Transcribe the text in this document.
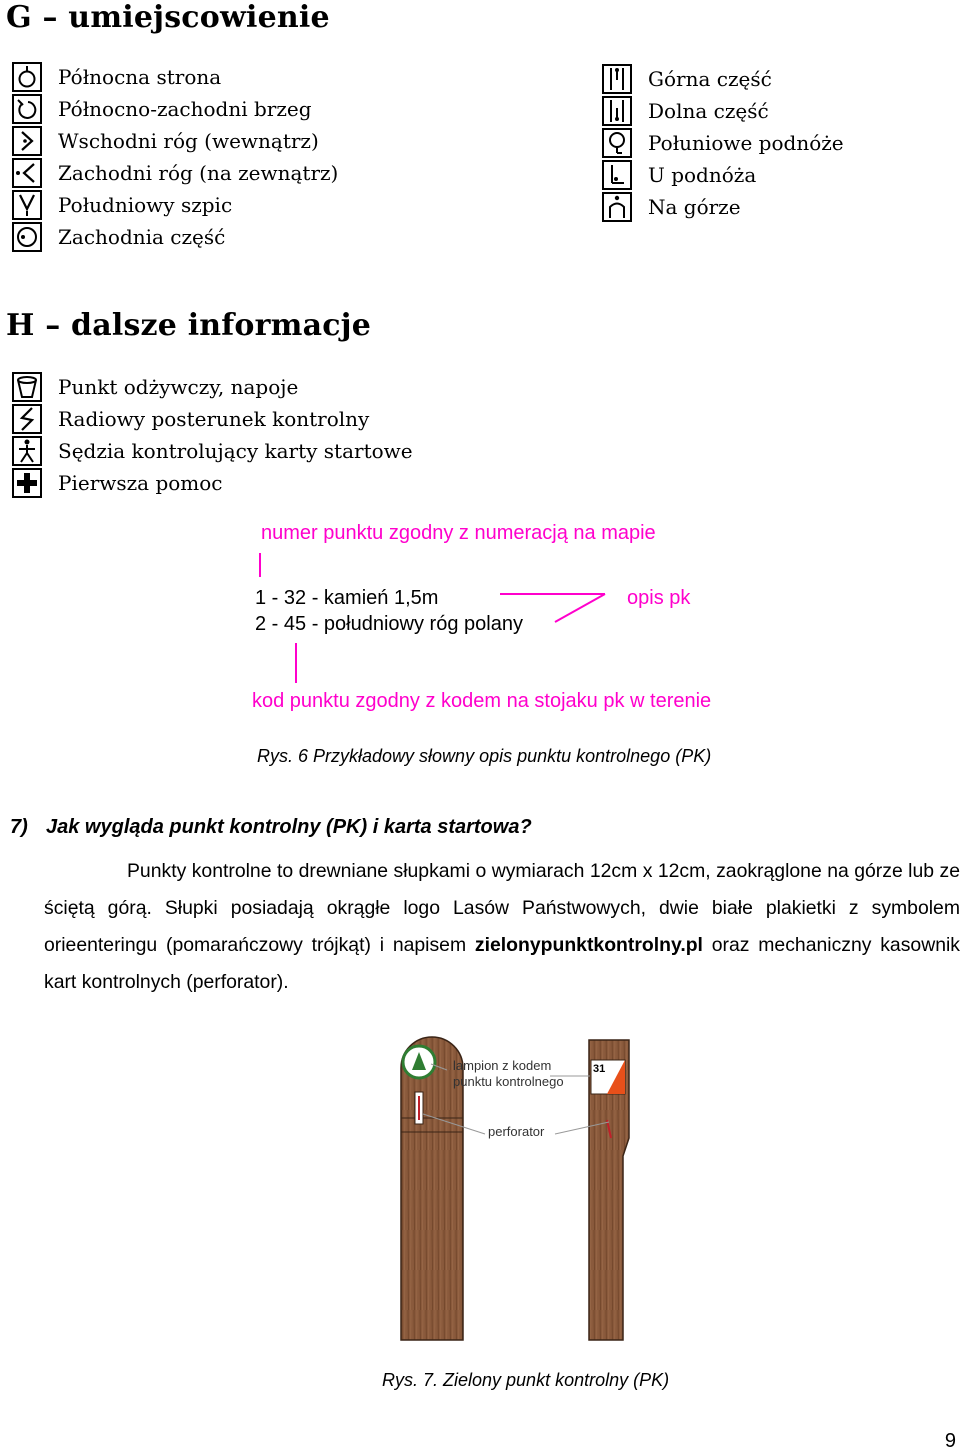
G – umiejscowienie
Północna strona
Północno-zachodni brzeg
Wschodni róg (wewnątrz)
Zachodni róg (na zewnątrz)
Południowy szpic
Zachodnia część
Górna część
Dolna część
Połuniowe podnóże
U podnóża
Na górze
H – dalsze informacje
Punkt odżywczy, napoje
Radiowy posterunek kontrolny
Sędzia kontrolujący karty startowe
Pierwsza pomoc
numer punktu zgodny z numeracją na mapie
1 - 32 - kamień 1,5m
2 - 45 - południowy róg polany
opis pk
kod punktu zgodny z kodem na stojaku pk w terenie
Rys. 6 Przykładowy słowny opis punktu kontrolnego (PK)
7) Jak wygląda punkt kontrolny (PK) i karta startowa?

Punkty kontrolne to drewniane słupkami o wymiarach 12cm x 12cm, zaokrąglone na górze lub ze ściętą górą. Słupki posiadają okrągłe logo Lasów Państwowych, dwie białe plakietki z symbolem orieenteringu (pomarańczowy trójkąt) i napisem zielonypunktkontrolny.pl oraz mechaniczny kasownik kart kontrolnych (perforator).

31
lampion z kodem
punktu kontrolnego
perforator
Rys. 7. Zielony punkt kontrolny (PK)
9
